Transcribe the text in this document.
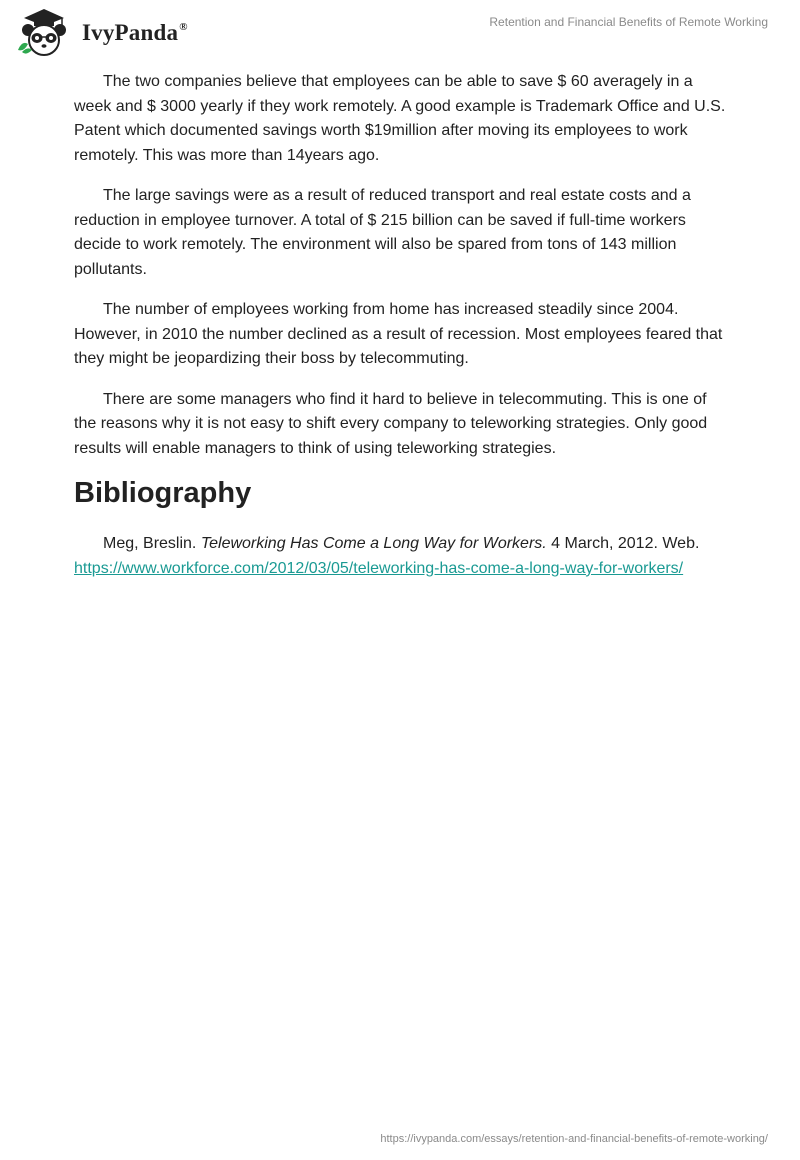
IvyPanda®	Retention and Financial Benefits of Remote Working

The two companies believe that employees can be able to save $ 60 averagely in a week and $ 3000 yearly if they work remotely. A good example is Trademark Office and U.S. Patent which documented savings worth $19million after moving its employees to work remotely. This was more than 14years ago.

The large savings were as a result of reduced transport and real estate costs and a reduction in employee turnover. A total of $ 215 billion can be saved if full-time workers decide to work remotely. The environment will also be spared from tons of 143 million pollutants.

The number of employees working from home has increased steadily since 2004. However, in 2010 the number declined as a result of recession. Most employees feared that they might be jeopardizing their boss by telecommuting.

There are some managers who find it hard to believe in telecommuting. This is one of the reasons why it is not easy to shift every company to teleworking strategies. Only good results will enable managers to think of using teleworking strategies.

Bibliography

Meg, Breslin. Teleworking Has Come a Long Way for Workers. 4 March, 2012. Web. https://www.workforce.com/2012/03/05/teleworking-has-come-a-long-way-for-workers/

https://ivypanda.com/essays/retention-and-financial-benefits-of-remote-working/
